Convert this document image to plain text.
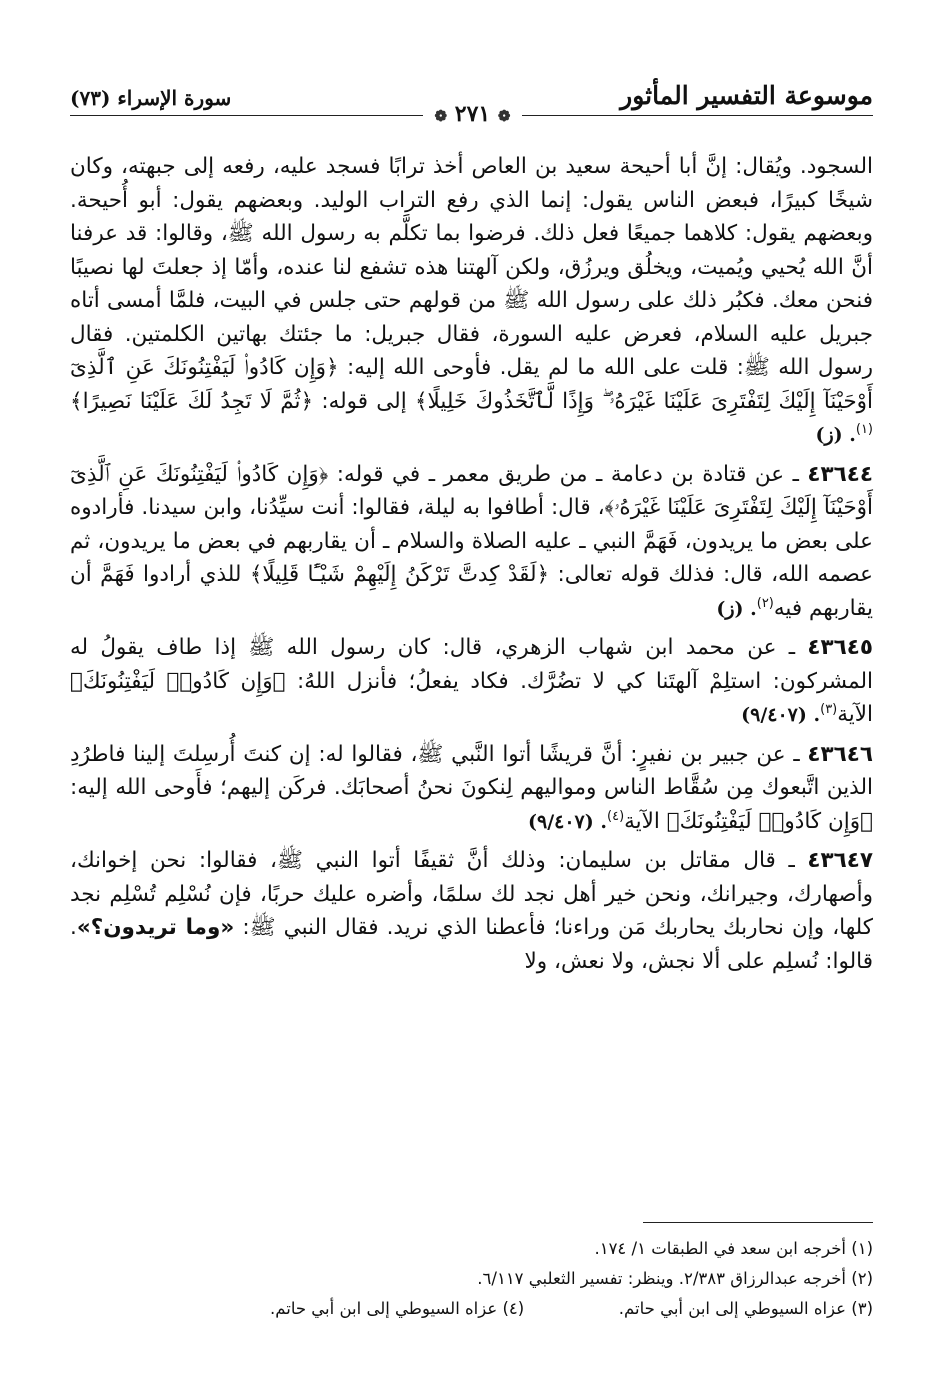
موسوعة التفسير المأثور
سورة الإسراء (٧٣)
❁ ٢٧١ ❁

السجود. ويُقال: إنَّ أبا أحيحة سعيد بن العاص أخذ ترابًا فسجد عليه، رفعه إلى جبهته، وكان شيخًا كبيرًا، فبعض الناس يقول: إنما الذي رفع التراب الوليد. وبعضهم يقول: أبو أُحيحة. وبعضهم يقول: كلاهما جميعًا فعل ذلك. فرضوا بما تكلَّم به رسول الله ﷺ، وقالوا: قد عرفنا أنَّ الله يُحيي ويُميت، ويخلُق ويرزُق، ولكن آلهتنا هذه تشفع لنا عنده، وأمّا إذ جعلتَ لها نصيبًا فنحن معك. فكبُر ذلك على رسول الله ﷺ من قولهم حتى جلس في البيت، فلمَّا أمسى أتاه جبريل عليه السلام، فعرض عليه السورة، فقال جبريل: ما جئتك بهاتين الكلمتين. فقال رسول الله ﷺ: قلت على الله ما لم يقل. فأوحى الله إليه: ﴿وَإِن كَادُوا۟ لَيَفْتِنُونَكَ عَنِ ٱلَّذِىٓ أَوْحَيْنَآ إِلَيْكَ لِتَفْتَرِىَ عَلَيْنَا غَيْرَهُۥ ۖ وَإِذًا لَّٱتَّخَذُوكَ خَلِيلًا﴾ إلى قوله: ﴿ثُمَّ لَا تَجِدُ لَكَ عَلَيْنَا نَصِيرًا﴾$^{(١)}$. (ز)

٤٣٦٤٤ ـ عن قتادة بن دعامة ـ من طريق معمر ـ في قوله: ﴿وَإِن كَادُوا۟ لَيَفْتِنُونَكَ عَنِ ٱلَّذِىٓ أَوْحَيْنَآ إِلَيْكَ لِتَفْتَرِىَ عَلَيْنَا غَيْرَهُۥ﴾، قال: أطافوا به ليلة، فقالوا: أنت سيِّدُنا، وابن سيدنا. فأرادوه على بعض ما يريدون، فَهَمَّ النبي ـ عليه الصلاة والسلام ـ أن يقاربهم في بعض ما يريدون، ثم عصمه الله، قال: فذلك قوله تعالى: ﴿لَقَدْ كِدتَّ تَرْكَنُ إِلَيْهِمْ شَيْـًٔا قَلِيلًا﴾ للذي أرادوا فَهَمَّ أن يقاربهم فيه$^{(٢)}$. (ز)

٤٣٦٤٥ ـ عن محمد ابن شهاب الزهري، قال: كان رسول الله ﷺ إذا طاف يقولُ له المشركون: استلِمْ آلهتَنا كي لا تضُرَّك. فكاد يفعلُ؛ فأنزل اللهُ: ﴿وَإِن كَادُوا۟ لَيَفْتِنُونَكَ﴾ الآية$^{(٣)}$. (٩/٤٠٧)

٤٣٦٤٦ ـ عن جبير بن نفيرٍ: أنَّ قريشًا أتوا النَّبي ﷺ، فقالوا له: إن كنتَ أُرسِلتَ إلينا فاطرُدِ الذين اتَّبعوك مِن سُقَّاط الناس ومواليهم لِنكونَ نحنُ أصحابَك. فركَن إليهم؛ فأَوحى الله إليه: ﴿وَإِن كَادُوا۟ لَيَفْتِنُونَكَ﴾ الآية$^{(٤)}$. (٩/٤٠٧)

٤٣٦٤٧ ـ قال مقاتل بن سليمان: وذلك أنَّ ثقيفًا أتوا النبي ﷺ، فقالوا: نحن إخوانك، وأصهارك، وجيرانك، ونحن خير أهل نجد لك سلمًا، وأضره عليك حربًا، فإن نُسْلِم تُسْلِم نجد كلها، وإن نحاربك يحاربك مَن وراءنا؛ فأعطنا الذي نريد. فقال النبي ﷺ: «وما تريدون؟». قالوا: نُسلِم على ألا نجش، ولا نعش، ولا

(١) أخرجه ابن سعد في الطبقات ١/ ١٧٤.

(٢) أخرجه عبدالرزاق ٢/٣٨٣. وينظر: تفسير الثعلبي ٦/١١٧.

(٣) عزاه السيوطي إلى ابن أبي حاتم.
(٤) عزاه السيوطي إلى ابن أبي حاتم.
